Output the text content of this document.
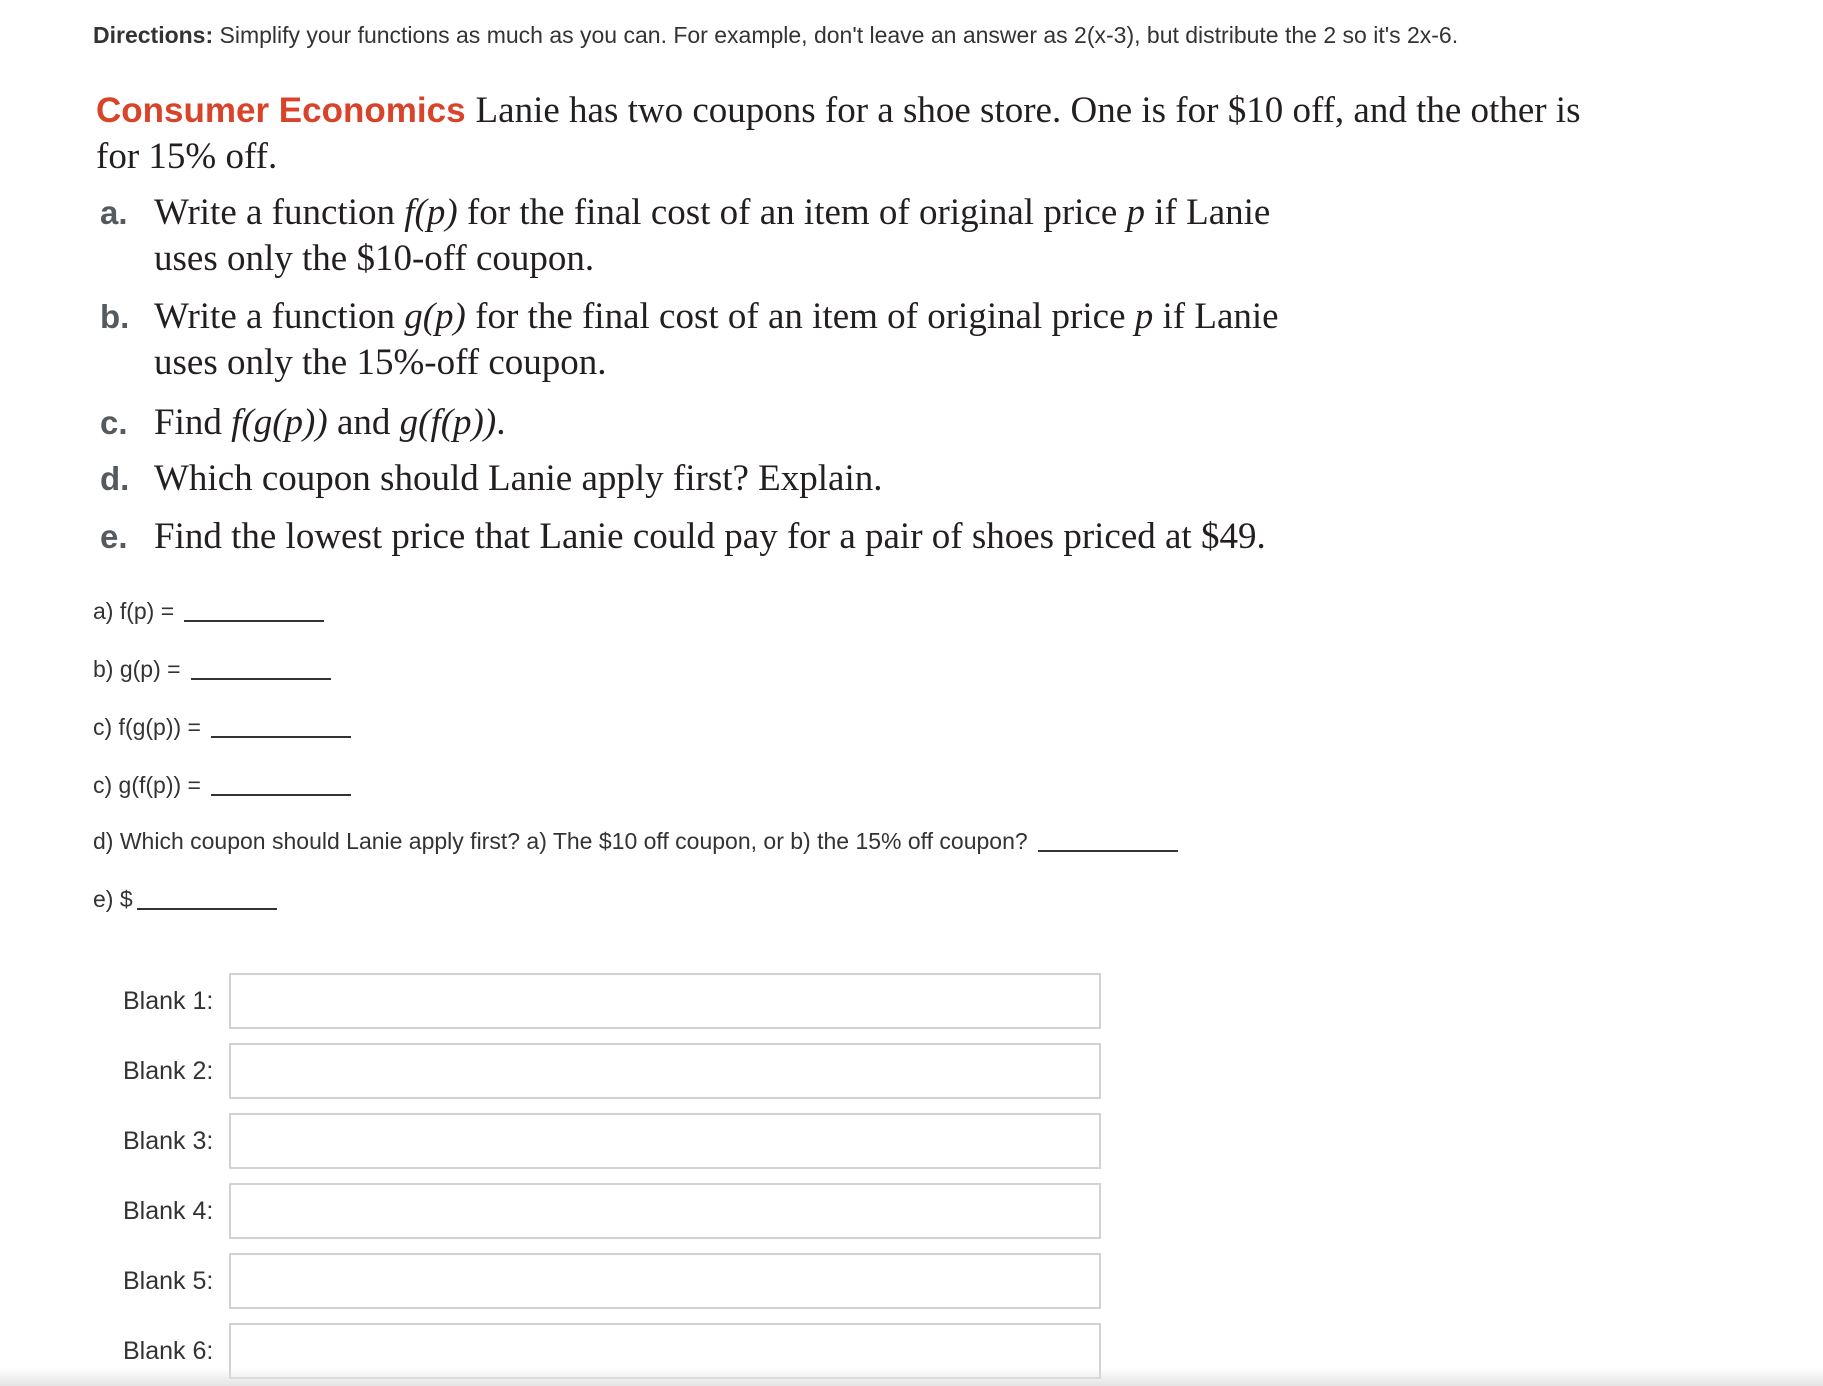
Directions: Simplify your functions as much as you can. For example, don't leave an answer as 2(x-3), but distribute the 2 so it's 2x-6.
Consumer Economics Lanie has two coupons for a shoe store. One is for $10 off, and the other is for 15% off.
a. Write a function f(p) for the final cost of an item of original price p if Lanie
uses only the $10-off coupon.
b. Write a function g(p) for the final cost of an item of original price p if Lanie
uses only the 15%-off coupon.
c. Find f(g(p)) and g(f(p)).
d. Which coupon should Lanie apply first? Explain.
e. Find the lowest price that Lanie could pay for a pair of shoes priced at $49.
a) f(p) =
b) g(p) =
c) f(g(p)) =
c) g(f(p)) =
d) Which coupon should Lanie apply first? a) The $10 off coupon, or b) the 15% off coupon?
e) $
Blank 1:
Blank 2:
Blank 3:
Blank 4:
Blank 5:
Blank 6:
